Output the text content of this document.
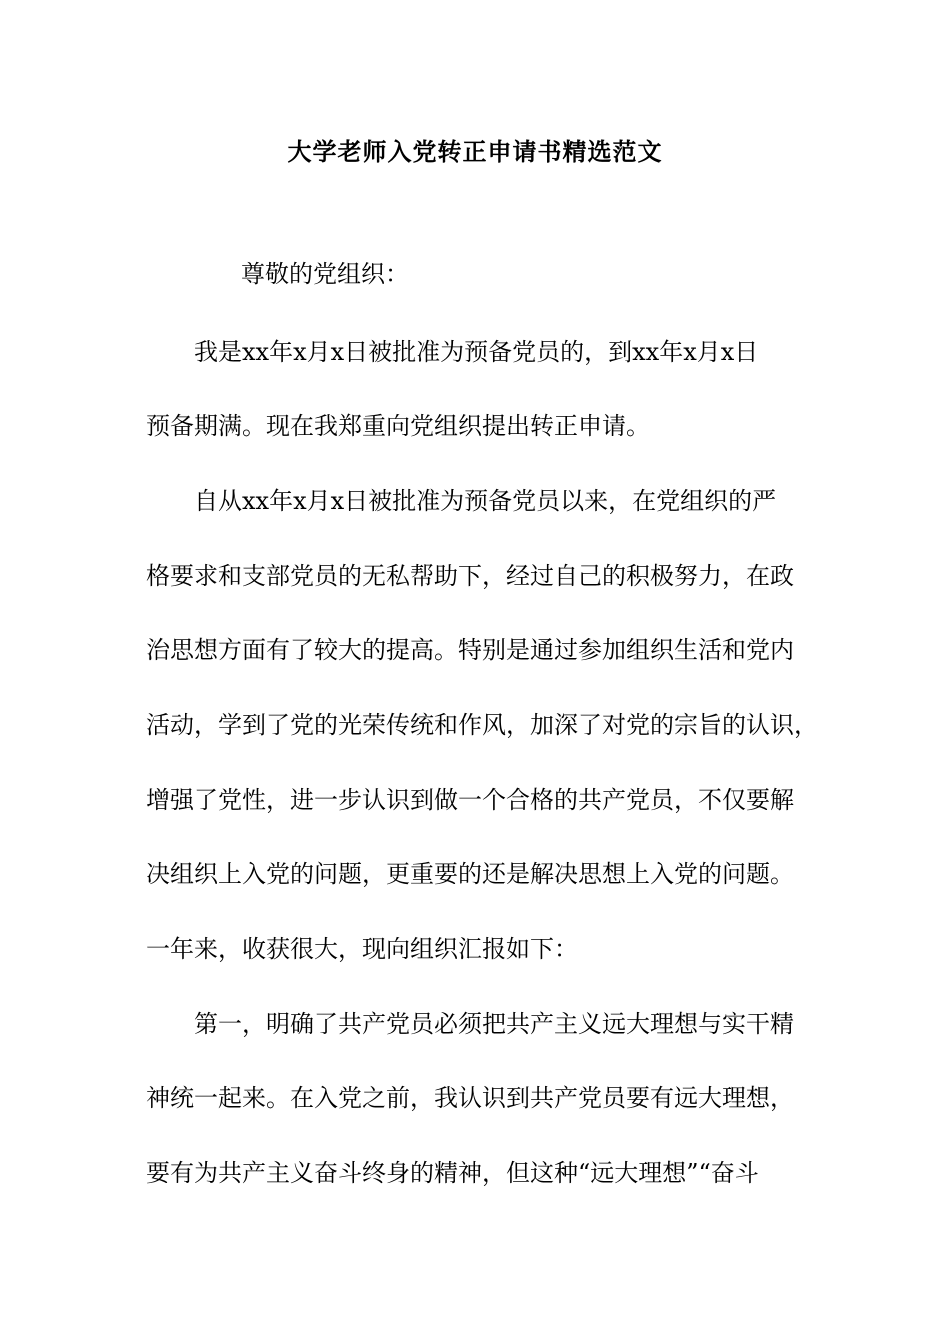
大学老师入党转正申请书精选范文
尊敬的党组织：
我是xx年x月x日被批准为预备党员的，到xx年x月x日
预备期满。现在我郑重向党组织提出转正申请。
自从xx年x月x日被批准为预备党员以来，在党组织的严
格要求和支部党员的无私帮助下，经过自己的积极努力，在政
治思想方面有了较大的提高。特别是通过参加组织生活和党内
活动，学到了党的光荣传统和作风，加深了对党的宗旨的认识，
增强了党性，进一步认识到做一个合格的共产党员，不仅要解
决组织上入党的问题，更重要的还是解决思想上入党的问题。
一年来，收获很大，现向组织汇报如下：
第一，明确了共产党员必须把共产主义远大理想与实干精
神统一起来。在入党之前，我认识到共产党员要有远大理想，
要有为共产主义奋斗终身的精神，但这种“远大理想”“奋斗
